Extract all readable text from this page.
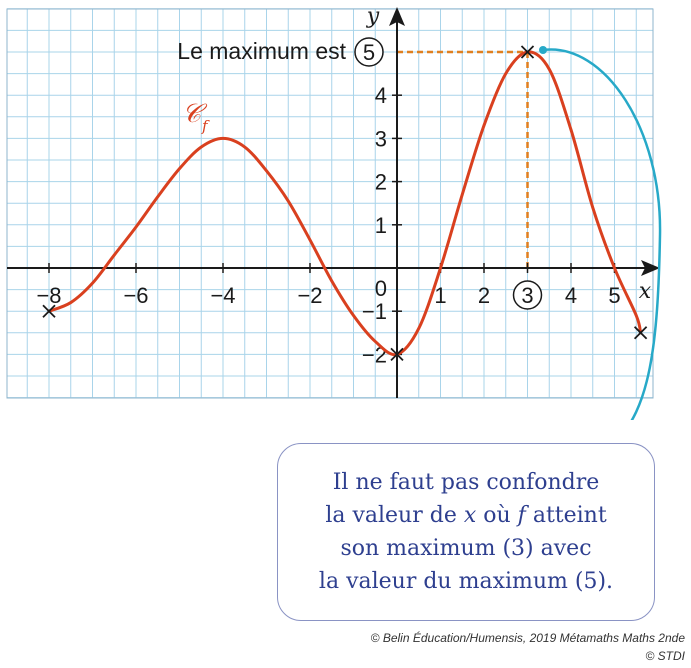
−8	−6	−4	−2	1 2	4 5
−2
−1
1
2
3
4
0	x
y
Le maximum est 5
3
𝒞 f
Il ne faut pas confondre
la valeur de x où f atteint
son maximum (3) avec
la valeur du maximum (5).
© Belin Éducation/Humensis, 2019 Métamaths Maths 2nde
© STDI
